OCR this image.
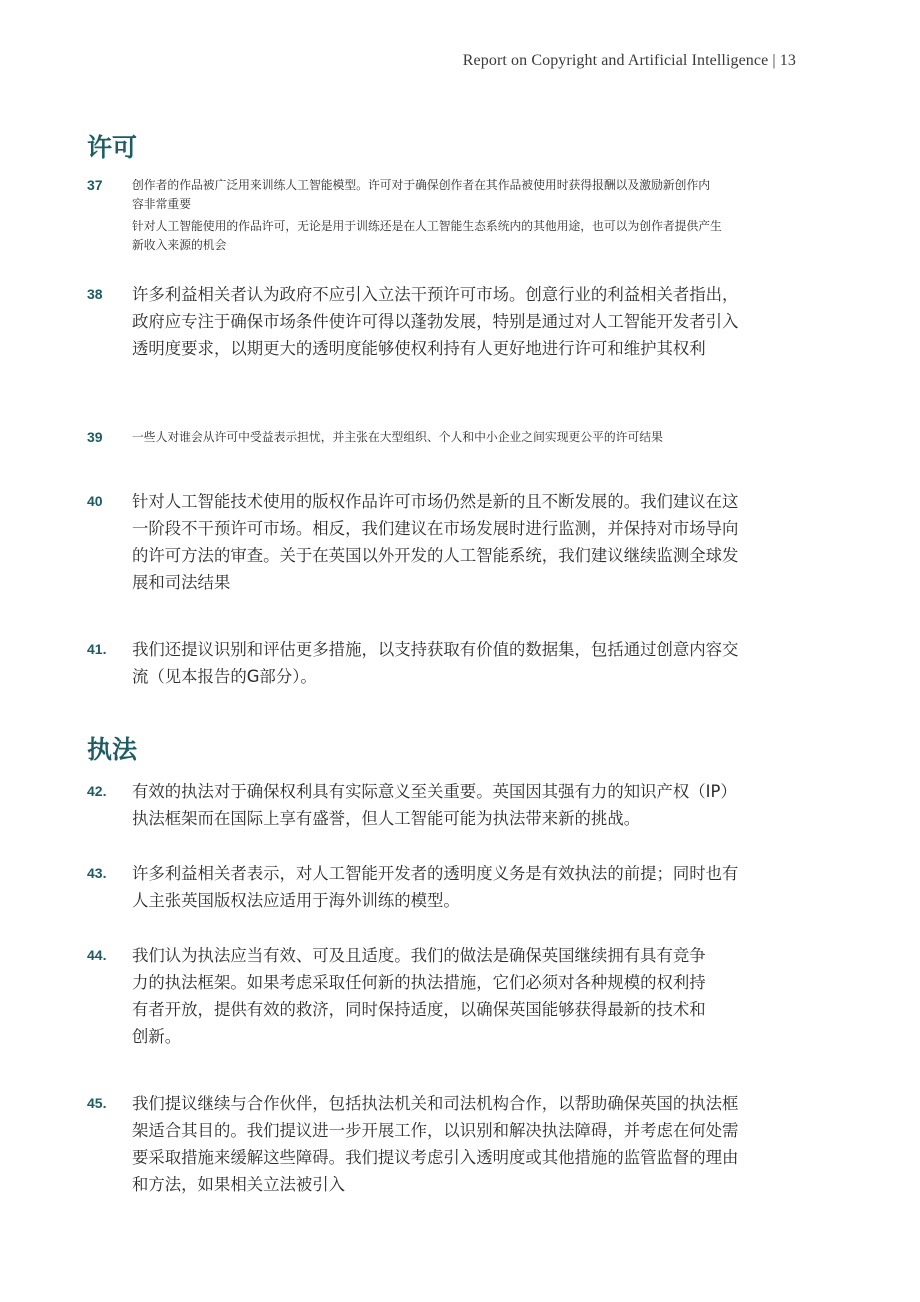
Report on Copyright and Artificial Intelligence | 13
许可
37 创作者的作品被广泛用来训练人工智能模型。许可对于确保创作者在其作品被使用时获得报酬以及激励新创作内
容非常重要
针对人工智能使用的作品许可，无论是用于训练还是在人工智能生态系统内的其他用途，也可以为创作者提供产生
新收入来源的机会
38 许多利益相关者认为政府不应引入立法干预许可市场。创意行业的利益相关者指出，
政府应专注于确保市场条件使许可得以蓬勃发展，特别是通过对人工智能开发者引入
透明度要求，以期更大的透明度能够使权利持有人更好地进行许可和维护其权利
39 一些人对谁会从许可中受益表示担忧，并主张在大型组织、个人和中小企业之间实现更公平的许可结果
40 针对人工智能技术使用的版权作品许可市场仍然是新的且不断发展的。我们建议在这
一阶段不干预许可市场。相反，我们建议在市场发展时进行监测，并保持对市场导向
的许可方法的审查。关于在英国以外开发的人工智能系统，我们建议继续监测全球发
展和司法结果
41. 我们还提议识别和评估更多措施，以支持获取有价值的数据集，包括通过创意内容交
流（见本报告的G部分）。
执法
42. 有效的执法对于确保权利具有实际意义至关重要。英国因其强有力的知识产权（IP）
执法框架而在国际上享有盛誉，但人工智能可能为执法带来新的挑战。
43. 许多利益相关者表示，对人工智能开发者的透明度义务是有效执法的前提；同时也有
人主张英国版权法应适用于海外训练的模型。
44. 我们认为执法应当有效、可及且适度。我们的做法是确保英国继续拥有具有竞争
力的执法框架。如果考虑采取任何新的执法措施，它们必须对各种规模的权利持
有者开放，提供有效的救济，同时保持适度，以确保英国能够获得最新的技术和
创新。
45. 我们提议继续与合作伙伴，包括执法机关和司法机构合作，以帮助确保英国的执法框
架适合其目的。我们提议进一步开展工作，以识别和解决执法障碍，并考虑在何处需
要采取措施来缓解这些障碍。我们提议考虑引入透明度或其他措施的监管监督的理由
和方法，如果相关立法被引入
